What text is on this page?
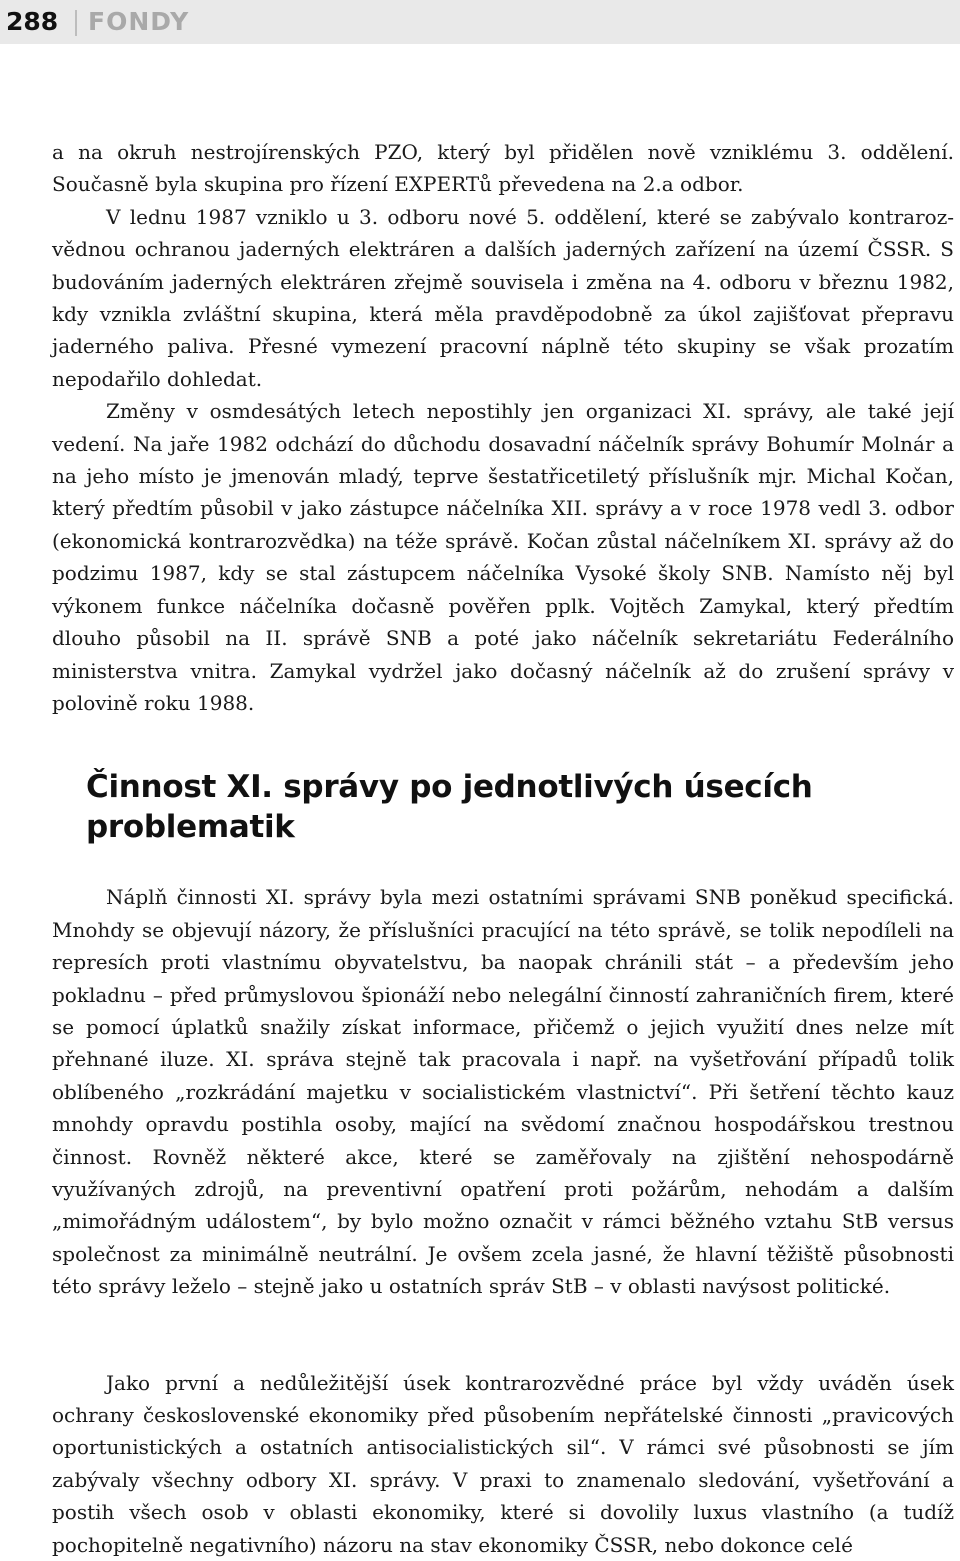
288 FONDY

a na okruh nestrojírenských PZO, který byl přidělen nově vzniklému 3. oddělení. Současně byla skupina pro řízení EXPERTů převedena na 2.a odbor.

V lednu 1987 vzniklo u 3. odboru nové 5. oddělení, které se zabývalo kontrarozvědnou ochranou jaderných elektráren a dalších jaderných zařízení na území ČSSR. S budováním jaderných elektráren zřejmě souvisela i změna na 4. odboru v březnu 1982, kdy vznikla zvláštní skupina, která měla pravděpodobně za úkol zajišťovat přepravu jaderného paliva. Přesné vymezení pracovní náplně této skupiny se však prozatím nepodařilo dohledat.

Změny v osmdesátých letech nepostihly jen organizaci XI. správy, ale také její vedení. Na jaře 1982 odchází do důchodu dosavadní náčelník správy Bohumír Molnár a na jeho místo je jmenován mladý, teprve šestatřicetiletý příslušník mjr. Michal Kočan, který předtím působil v jako zástupce náčelníka XII. správy a v roce 1978 vedl 3. odbor (ekonomická kontrarozvědka) na téže správě. Kočan zůstal náčelníkem XI. správy až do podzimu 1987, kdy se stal zástupcem náčelníka Vysoké školy SNB. Namísto něj byl výkonem funkce náčelníka dočasně pověřen pplk. Vojtěch Zamykal, který předtím dlouho působil na II. správě SNB a poté jako náčelník sekretariátu Federálního ministerstva vnitra. Zamykal vydržel jako dočasný náčelník až do zrušení správy v polovině roku 1988.

Činnost XI. správy po jednotlivých úsecích problematik

Náplň činnosti XI. správy byla mezi ostatními správami SNB poněkud specifická. Mnohdy se objevují názory, že příslušníci pracující na této správě, se tolik nepodíleli na represích proti vlastnímu obyvatelstvu, ba naopak chránili stát – a především jeho pokladnu – před průmyslovou špionáží nebo nelegální činností zahraničních firem, které se pomocí úplatků snažily získat informace, přičemž o jejich využití dnes nelze mít přehnané iluze. XI. správa stejně tak pracovala i např. na vyšetřování případů tolik oblíbeného „rozkrádání majetku v socialistickém vlastnictví“. Při šetření těchto kauz mnohdy opravdu postihla osoby, mající na svědomí značnou hospodářskou trestnou činnost. Rovněž některé akce, které se zaměřovaly na zjištění nehospodárně využívaných zdrojů, na preventivní opatření proti požárům, nehodám a dalším „mimořádným událostem“, by bylo možno označit v rámci běžného vztahu StB versus společnost za minimálně neutrální. Je ovšem zcela jasné, že hlavní těžiště působnosti této správy leželo – stejně jako u ostatních správ StB – v oblasti navýsost politické.

Jako první a nedůležitější úsek kontrarozvědné práce byl vždy uváděn úsek ochrany československé ekonomiky před působením nepřátelské činnosti „pravicových oportunistických a ostatních antisocialistických sil“. V rámci své působnosti se jím zabývaly všechny odbory XI. správy. V praxi to znamenalo sledování, vyšetřování a postih všech osob v oblasti ekonomiky, které si dovolily luxus vlastního (a tudíž pochopitelně negativního) názoru na stav ekonomiky ČSSR, nebo dokonce celé
